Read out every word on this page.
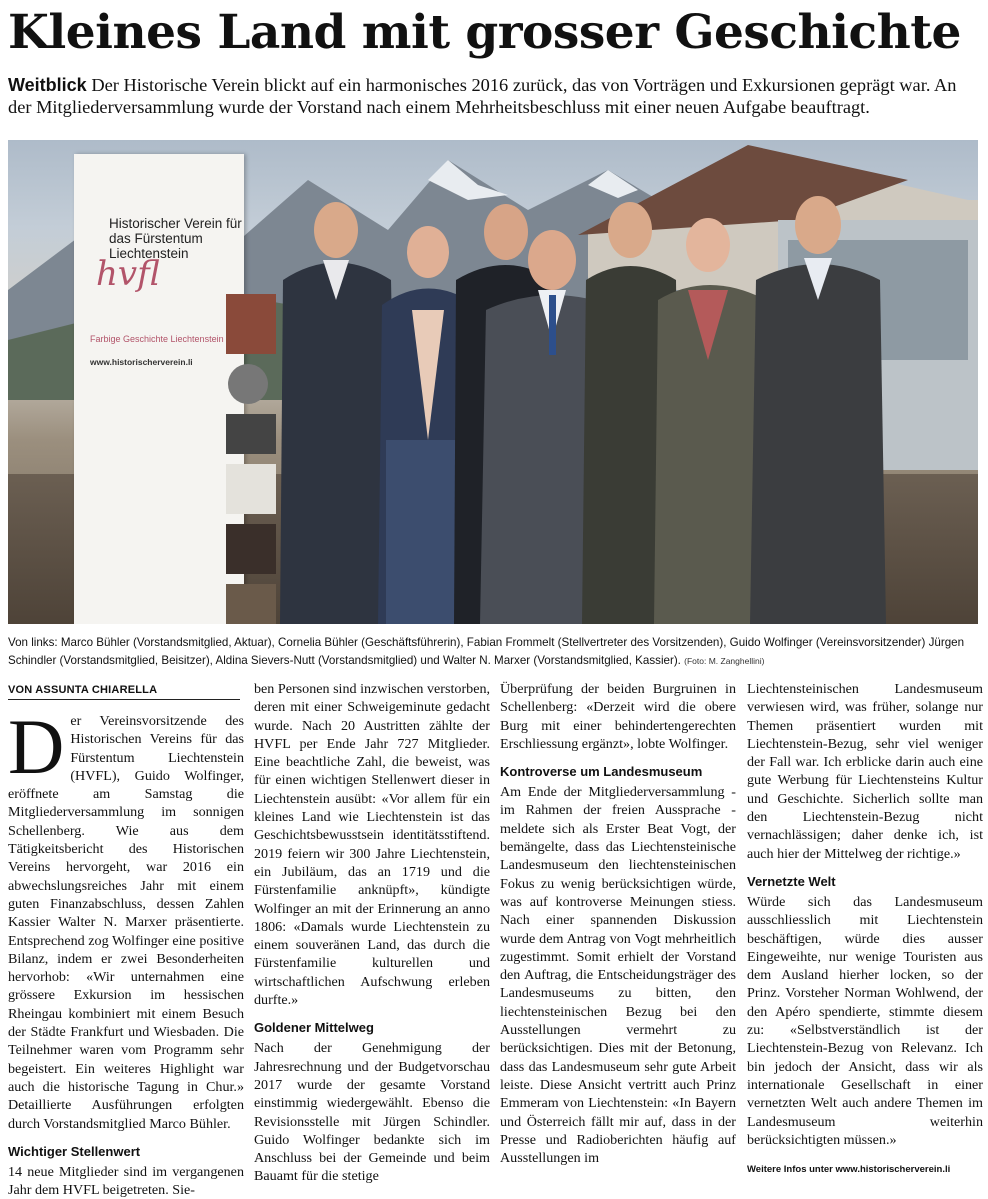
Kleines Land mit grosser Geschichte

Weitblick Der Historische Verein blickt auf ein harmonisches 2016 zurück, das von Vorträgen und Exkursionen geprägt war. An der Mitgliederversammlung wurde der Vorstand nach einem Mehrheitsbeschluss mit einer neuen Aufgabe beauftragt.

Historischer Verein für das Fürstentum Liechtenstein

hvfl
Farbige Geschichte Liechtenstein
www.historischerverein.li

Von links: Marco Bühler (Vorstandsmitglied, Aktuar), Cornelia Bühler (Geschäftsführerin), Fabian Frommelt (Stellvertreter des Vorsitzenden), Guido Wolfinger (Vereinsvorsitzender) Jürgen Schindler (Vorstandsmitglied, Beisitzer), Aldina Sievers-Nutt (Vorstandsmitglied) und Walter N. Marxer (Vorstandsmitglied, Kassier). (Foto: M. Zanghellini)

VON ASSUNTA CHIARELLA

D er Vereinsvorsitzende des Historischen Vereins für das Fürstentum Liechtenstein (HVFL), Guido Wolfinger, eröffnete am Samstag die Mitgliederversammlung im sonnigen Schellenberg. Wie aus dem Tätigkeitsbericht des Historischen Vereins hervorgeht, war 2016 ein abwechslungsreiches Jahr mit einem guten Finanzabschluss, dessen Zahlen Kassier Walter N. Marxer präsentierte. Entsprechend zog Wolfinger eine positive Bilanz, indem er zwei Besonderheiten hervorhob: «Wir unternahmen eine grössere Exkursion im hessischen Rheingau kombiniert mit einem Besuch der Städte Frankfurt und Wiesbaden. Die Teilnehmer waren vom Programm sehr begeistert. Ein weiteres Highlight war auch die historische Tagung in Chur.» Detaillierte Ausführungen erfolgten durch Vorstandsmitglied Marco Bühler.

Wichtiger Stellenwert

14 neue Mitglieder sind im vergangenen Jahr dem HVFL beigetreten. Sie-

ben Personen sind inzwischen verstorben, deren mit einer Schweigeminute gedacht wurde. Nach 20 Austritten zählte der HVFL per Ende Jahr 727 Mitglieder. Eine beachtliche Zahl, die beweist, was für einen wichtigen Stellenwert dieser in Liechtenstein ausübt: «Vor allem für ein kleines Land wie Liechtenstein ist das Geschichtsbewusstsein identitätsstiftend. 2019 feiern wir 300 Jahre Liechtenstein, ein Jubiläum, das an 1719 und die Fürstenfamilie anknüpft», kündigte Wolfinger an mit der Erinnerung an anno 1806: «Damals wurde Liechtenstein zu einem souveränen Land, das durch die Fürstenfamilie kulturellen und wirtschaftlichen Aufschwung erleben durfte.»

Goldener Mittelweg

Nach der Genehmigung der Jahresrechnung und der Budgetvorschau 2017 wurde der gesamte Vorstand einstimmig wiedergewählt. Ebenso die Revisionsstelle mit Jürgen Schindler. Guido Wolfinger bedankte sich im Anschluss bei der Gemeinde und beim Bauamt für die stetige

Überprüfung der beiden Burgruinen in Schellenberg: «Derzeit wird die obere Burg mit einer behindertengerechten Erschliessung ergänzt», lobte Wolfinger.

Kontroverse um Landesmuseum

Am Ende der Mitgliederversammlung - im Rahmen der freien Aussprache - meldete sich als Erster Beat Vogt, der bemängelte, dass das Liechtensteinische Landesmuseum den liechtensteinischen Fokus zu wenig berücksichtigen würde, was auf kontroverse Meinungen stiess. Nach einer spannenden Diskussion wurde dem Antrag von Vogt mehrheitlich zugestimmt. Somit erhielt der Vorstand den Auftrag, die Entscheidungsträger des Landesmuseums zu bitten, den liechtensteinischen Bezug bei den Ausstellungen vermehrt zu berücksichtigen. Dies mit der Betonung, dass das Landesmuseum sehr gute Arbeit leiste. Diese Ansicht vertritt auch Prinz Emmeram von Liechtenstein: «In Bayern und Österreich fällt mir auf, dass in der Presse und Radioberichten häufig auf Ausstellungen im

Liechtensteinischen Landesmuseum verwiesen wird, was früher, solange nur Themen präsentiert wurden mit Liechtenstein-Bezug, sehr viel weniger der Fall war. Ich erblicke darin auch eine gute Werbung für Liechtensteins Kultur und Geschichte. Sicherlich sollte man den Liechtenstein-Bezug nicht vernachlässigen; daher denke ich, ist auch hier der Mittelweg der richtige.»

Vernetzte Welt

Würde sich das Landesmuseum ausschliesslich mit Liechtenstein beschäftigen, würde dies ausser Eingeweihte, nur wenige Touristen aus dem Ausland hierher locken, so der Prinz. Vorsteher Norman Wohlwend, der den Apéro spendierte, stimmte diesem zu: «Selbstverständlich ist der Liechtenstein-Bezug von Relevanz. Ich bin jedoch der Ansicht, dass wir als internationale Gesellschaft in einer vernetzten Welt auch andere Themen im Landesmuseum weiterhin berücksichtigten müssen.»

Weitere Infos unter www.historischerverein.li
